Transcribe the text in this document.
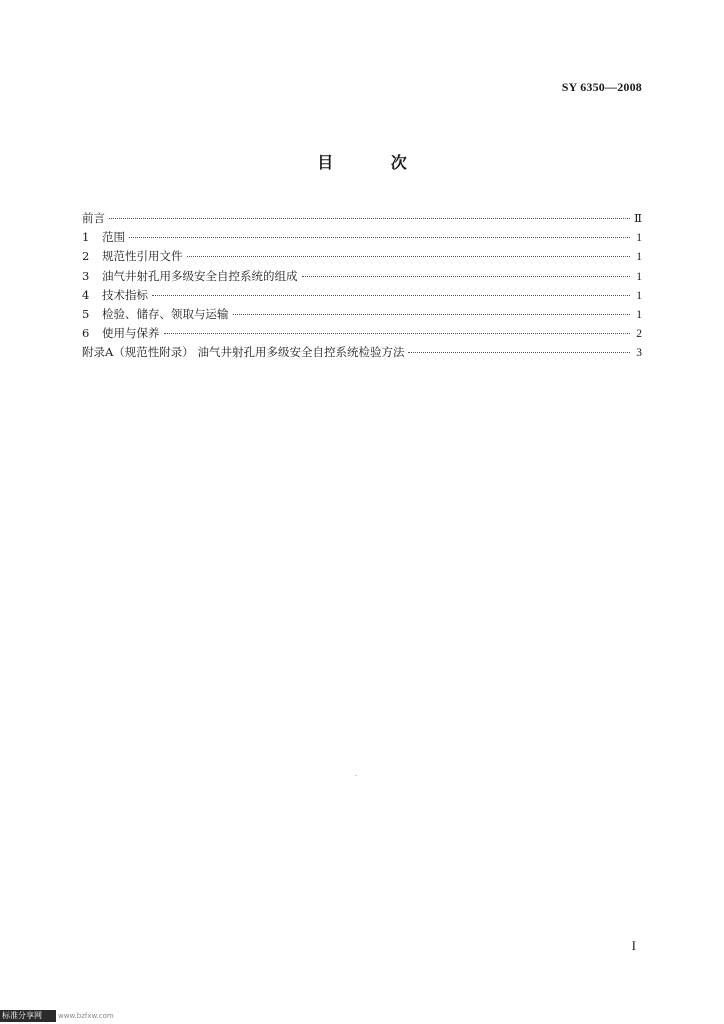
SY 6350—2008
目 次
前言	Ⅱ
1	范围	1
2	规范性引用文件	1
3	油气井射孔用多级安全自控系统的组成	1
4	技术指标	1
5	检验、储存、领取与运输	1
6	使用与保养	2
附录A（规范性附录） 油气井射孔用多级安全自控系统检验方法	3
I
标准分享网	www.bzfxw.com
